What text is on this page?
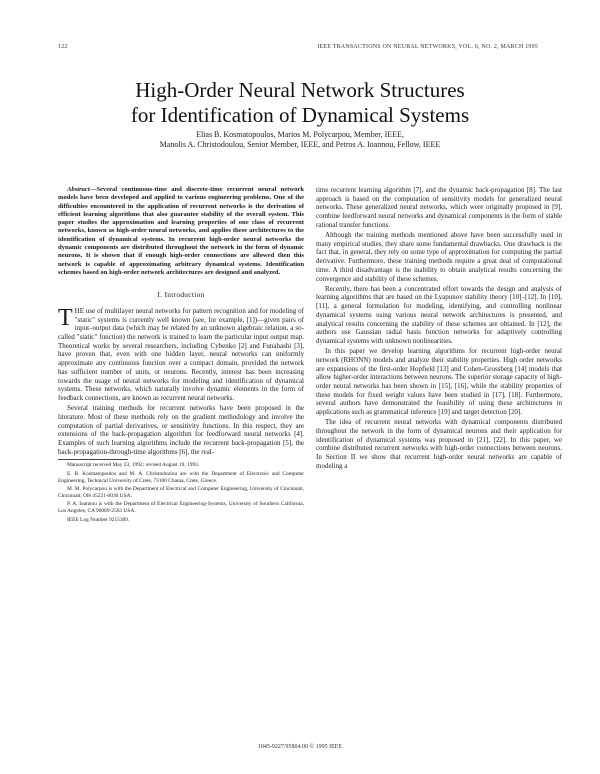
122	IEEE TRANSACTIONS ON NEURAL NETWORKS, VOL. 6, NO. 2, MARCH 1995
High-Order Neural Network Structures
for Identification of Dynamical Systems
Elias B. Kosmatopoulos, Marios M. Polycarpou, Member, IEEE,
Manolis A. Christodoulou, Senior Member, IEEE, and Petros A. Ioannou, Fellow, IEEE

Abstract—Several continuous-time and discrete-time recurrent neural network models have been developed and applied to various engineering problems. One of the difficulties encountered in the application of recurrent networks is the derivation of efficient learning algorithms that also guarantee stability of the overall system. This paper studies the approximation and learning properties of one class of recurrent networks, known as high-order neural networks, and applies these architectures to the identification of dynamical systems. In recurrent high-order neural networks the dynamic components are distributed throughout the network in the form of dynamic neurons. It is shown that if enough high-order connections are allowed then this network is capable of approximating arbitrary dynamical systems. Identification schemes based on high-order network architectures are designed and analyzed.

I. Introduction

THE use of multilayer neural networks for pattern recognition and for modeling of "static" systems is currently well known (see, for example, [1])—given pairs of input–output data (which may be related by an unknown algebraic relation, a so-called "static" function) the network is trained to learn the particular input output map. Theoretical works by several researchers, including Cybenko [2] and Funahashi [3], have proven that, even with one hidden layer, neural networks can uniformly approximate any continuous function over a compact domain, provided the network has sufficient number of units, or neurons. Recently, interest has been increasing towards the usage of neural networks for modeling and identification of dynamical systems. These networks, which naturally involve dynamic elements in the form of feedback connections, are known as recurrent neural networks.

Several training methods for recurrent networks have been proposed in the literature. Most of these methods rely on the gradient methodology and involve the computation of partial derivatives, or sensitivity functions. In this respect, they are extensions of the back-propagation algorithm for feedforward neural networks [4]. Examples of such learning algorithms include the recurrent back-propagation [5], the back-propagation-through-time algorithms [6], the real-

Manuscript received May 23, 1992; revised August 19, 1993.

E. B. Kosmatopoulos and M. A. Christodoulou are with the Department of Electronic and Computer Engineering, Technical University of Crete, 73100 Chania, Crete, Greece.

M. M. Polycarpou is with the Department of Electrical and Computer Engineering, University of Cincinnati, Cincinnati, OH 45221-0030 USA.

P. A. Ioannou is with the Department of Electrical Engineering-Systems, University of Southern California, Los Angeles, CA 90089-2563 USA.

IEEE Log Number 9215389.

time recurrent learning algorithm [7], and the dynamic back-propagation [8]. The last approach is based on the computation of sensitivity models for generalized neural networks. These generalized neural networks, which were originally proposed in [9], combine feedforward neural networks and dynamical components in the form of stable rational transfer functions.

Although the training methods mentioned above have been successfully used in many empirical studies, they share some fundamental drawbacks. One drawback is the fact that, in general, they rely on some type of approximation for computing the partial derivative. Furthermore, these training methods require a great deal of computational time. A third disadvantage is the inability to obtain analytical results concerning the convergence and stability of these schemes.

Recently, there has been a concentrated effort towards the design and analysis of learning algorithms that are based on the Lyapunov stability theory [10]–[12]. In [10], [11], a general formulation for modeling, identifying, and controlling nonlinear dynamical systems using various neural network architectures is presented, and analytical results concerning the stability of these schemes are obtained. In [12], the authors use Gaussian radial basis function networks for adaptively controlling dynamical systems with unknown nonlinearities.

In this paper we develop learning algorithms for recurrent high-order neural network (RHONN) models and analyze their stability properties. High order networks are expansions of the first-order Hopfield [13] and Cohen-Grossberg [14] models that allow higher-order interactions between neurons. The superior storage capacity of high-order neural networks has been shown in [15], [16], while the stability properties of these models for fixed weight values have been studied in [17], [18]. Furthermore, several authors have demonstrated the feasibility of using these architectures in applications such as grammatical inference [19] and target detection [20].

The idea of recurrent neural networks with dynamical components distributed throughout the network in the form of dynamical neurons and their application for identification of dynamical systems was proposed in [21], [22]. In this paper, we combine distributed recurrent networks with high-order connections between neurons. In Section II we show that recurrent high-order neural networks are capable of modeling a

1045-9227/95$04.00 © 1995 IEEE
